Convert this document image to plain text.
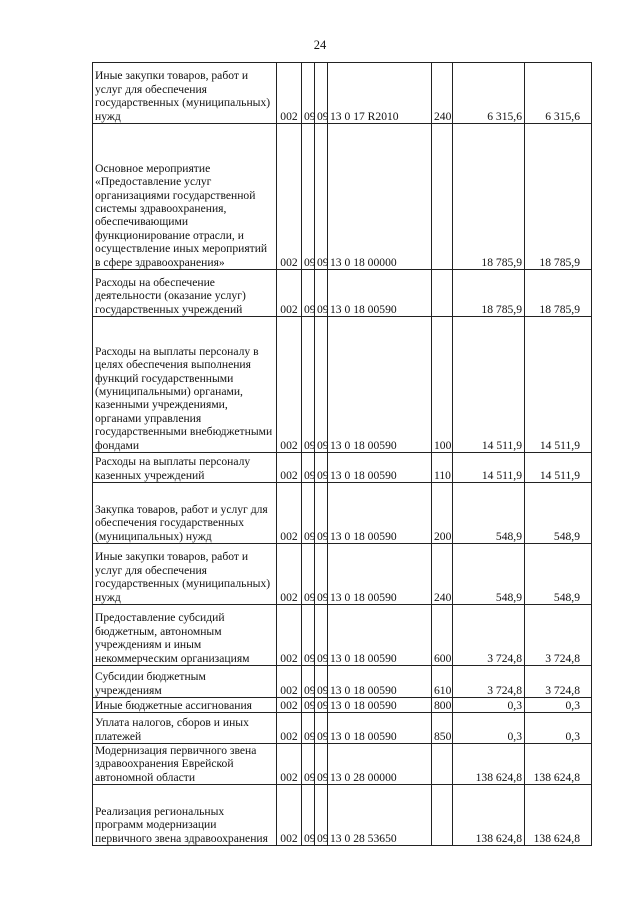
24
Иные закупки товаров, работ и услуг для обеспечения государственных (муниципальных) нужд	002	09	09	13 0 17 R2010	240	6 315,6	6 315,6
Основное мероприятие «Предоставление услуг организациями государственной системы здравоохранения, обеспечивающими функционирование отрасли, и осуществление иных мероприятий в сфере здравоохранения»	002	09	09	13 0 18 00000		18 785,9	18 785,9
Расходы на обеспечение деятельности (оказание услуг) государственных учреждений	002	09	09	13 0 18 00590		18 785,9	18 785,9
Расходы на выплаты персоналу в целях обеспечения выполнения функций государственными (муниципальными) органами, казенными учреждениями, органами управления государственными внебюджетными фондами	002	09	09	13 0 18 00590	100	14 511,9	14 511,9
Расходы на выплаты персоналу казенных учреждений	002	09	09	13 0 18 00590	110	14 511,9	14 511,9
Закупка товаров, работ и услуг для обеспечения государственных (муниципальных) нужд	002	09	09	13 0 18 00590	200	548,9	548,9
Иные закупки товаров, работ и услуг для обеспечения государственных (муниципальных) нужд	002	09	09	13 0 18 00590	240	548,9	548,9
Предоставление субсидий бюджетным, автономным учреждениям и иным некоммерческим организациям	002	09	09	13 0 18 00590	600	3 724,8	3 724,8
Субсидии бюджетным учреждениям	002	09	09	13 0 18 00590	610	3 724,8	3 724,8
Иные бюджетные ассигнования	002	09	09	13 0 18 00590	800	0,3	0,3
Уплата налогов, сборов и иных платежей	002	09	09	13 0 18 00590	850	0,3	0,3
Модернизация первичного звена здравоохранения Еврейской автономной области	002	09	09	13 0 28 00000		138 624,8	138 624,8
Реализация региональных программ модернизации первичного звена здравоохранения	002	09	09	13 0 28 53650		138 624,8	138 624,8
